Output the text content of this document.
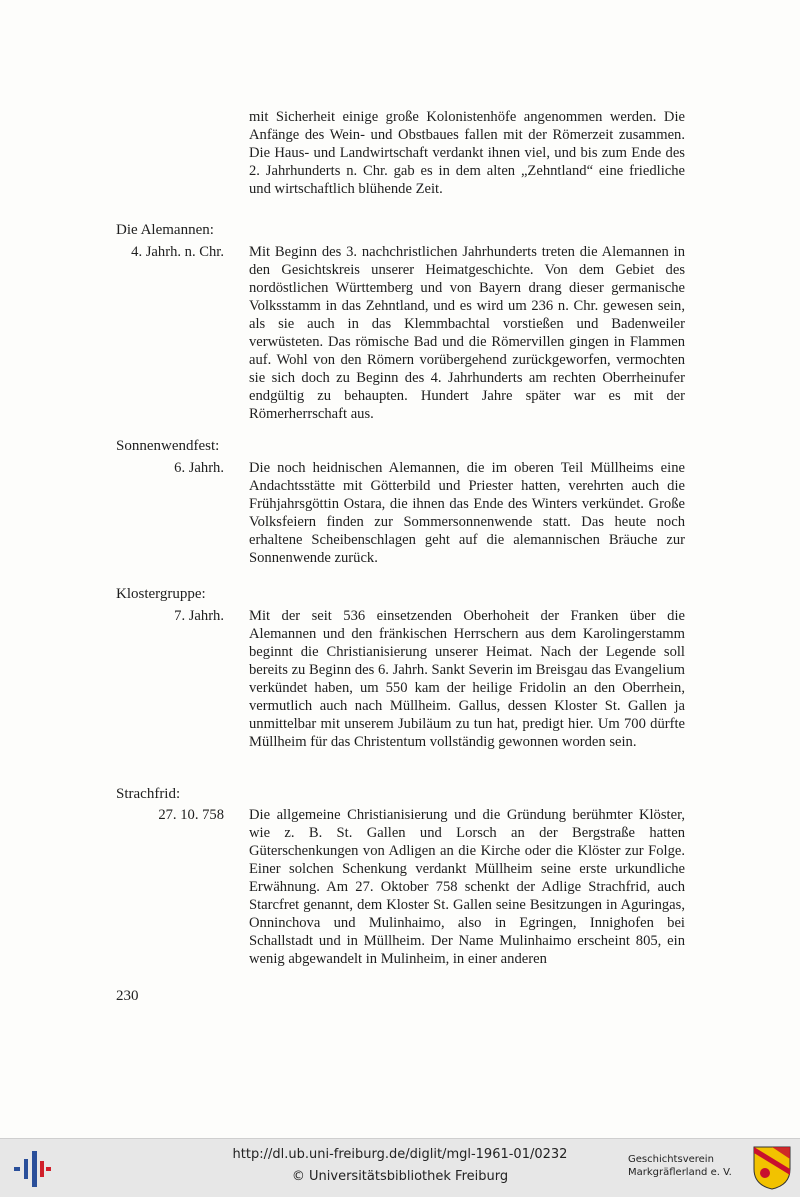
mit Sicherheit einige große Kolonistenhöfe angenommen werden. Die Anfänge des Wein- und Obstbaues fallen mit der Römerzeit zusammen. Die Haus- und Landwirtschaft verdankt ihnen viel, und bis zum Ende des 2. Jahrhunderts n. Chr. gab es in dem alten „Zehntland“ eine friedliche und wirtschaftlich blühende Zeit.

Die Alemannen:

4. Jahrh. n. Chr. Mit Beginn des 3. nachchristlichen Jahrhunderts treten die Alemannen in den Gesichtskreis unserer Heimatgeschichte. Von dem Gebiet des nordöstlichen Württemberg und von Bayern drang dieser germanische Volksstamm in das Zehntland, und es wird um 236 n. Chr. gewesen sein, als sie auch in das Klemmbachtal vorstießen und Badenweiler verwüsteten. Das römische Bad und die Römervillen gingen in Flammen auf. Wohl von den Römern vorübergehend zurückgeworfen, vermochten sie sich doch zu Beginn des 4. Jahrhunderts am rechten Oberrheinufer endgültig zu behaupten. Hundert Jahre später war es mit der Römerherrschaft aus.

Sonnenwendfest:

6. Jahrh. Die noch heidnischen Alemannen, die im oberen Teil Müllheims eine Andachtsstätte mit Götterbild und Priester hatten, verehrten auch die Frühjahrsgöttin Ostara, die ihnen das Ende des Winters verkündet. Große Volksfeiern finden zur Sommersonnenwende statt. Das heute noch erhaltene Scheibenschlagen geht auf die alemannischen Bräuche zur Sonnenwende zurück.

Klostergruppe:

7. Jahrh. Mit der seit 536 einsetzenden Oberhoheit der Franken über die Alemannen und den fränkischen Herrschern aus dem Karolingerstamm beginnt die Christianisierung unserer Heimat. Nach der Legende soll bereits zu Beginn des 6. Jahrh. Sankt Severin im Breisgau das Evangelium verkündet haben, um 550 kam der heilige Fridolin an den Oberrhein, vermutlich auch nach Müllheim. Gallus, dessen Kloster St. Gallen ja unmittelbar mit unserem Jubiläum zu tun hat, predigt hier. Um 700 dürfte Müllheim für das Christentum vollständig gewonnen worden sein.

Strachfrid:

27. 10. 758 Die allgemeine Christianisierung und die Gründung berühmter Klöster, wie z. B. St. Gallen und Lorsch an der Bergstraße hatten Güterschenkungen von Adligen an die Kirche oder die Klöster zur Folge. Einer solchen Schenkung verdankt Müllheim seine erste urkundliche Erwähnung. Am 27. Oktober 758 schenkt der Adlige Strachfrid, auch Starcfret genannt, dem Kloster St. Gallen seine Besitzungen in Aguringas, Onninchova und Mulinhaimo, also in Egringen, Innighofen bei Schallstadt und in Müllheim. Der Name Mulinhaimo erscheint 805, ein wenig abgewandelt in Mulinheim, in einer anderen

230

http://dl.ub.uni-freiburg.de/diglit/mgl-1961-01/0232
© Universitätsbibliothek Freiburg
Geschichtsverein
Markgräflerland e. V.
